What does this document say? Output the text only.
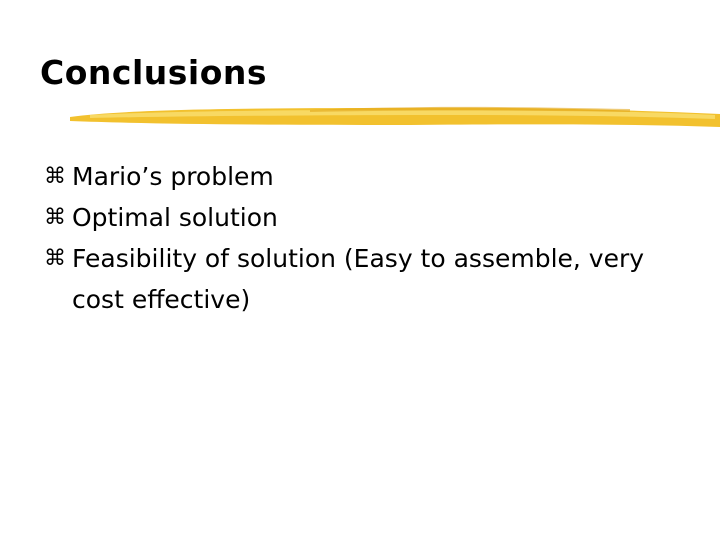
Conclusions
⌘ Mario’s problem
⌘ Optimal solution
⌘ Feasibility of solution (Easy to assemble, very cost effective)
